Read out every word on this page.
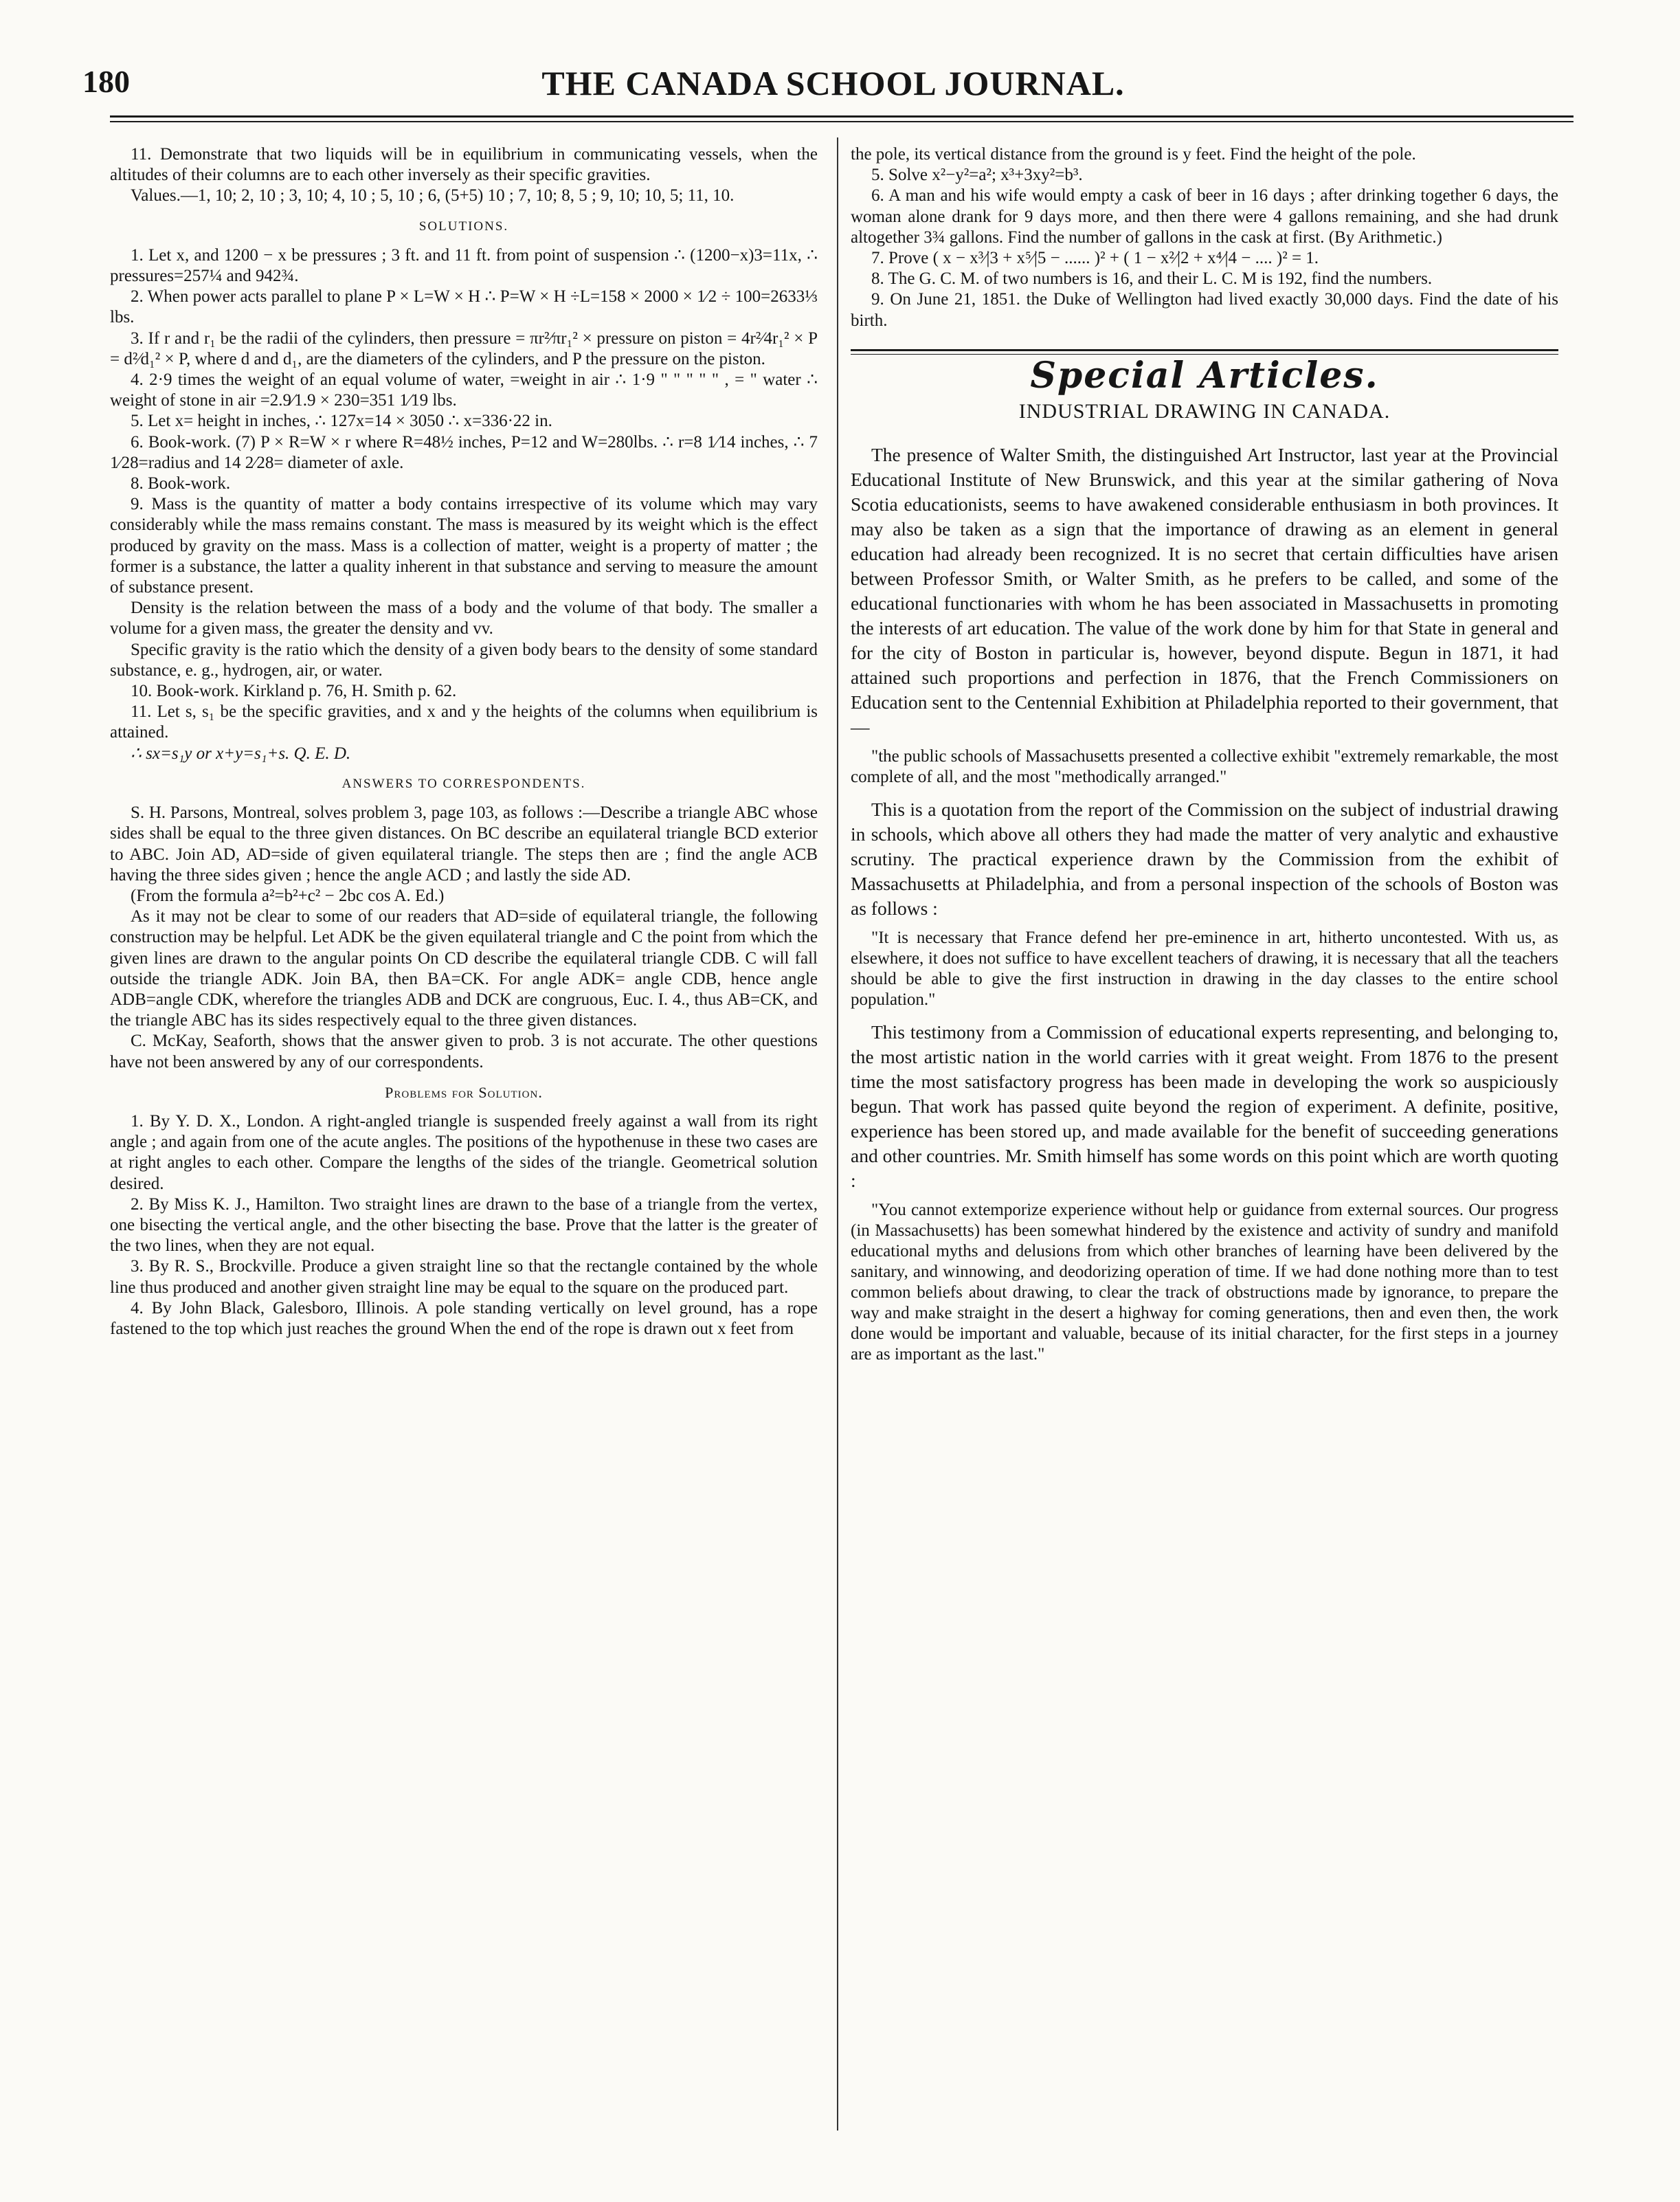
180	THE CANADA SCHOOL JOURNAL.

11. Demonstrate that two liquids will be in equilibrium in communicating vessels, when the altitudes of their columns are to each other inversely as their specific gravities.

Values.—1, 10; 2, 10 ; 3, 10; 4, 10 ; 5, 10 ; 6, (5+5) 10 ; 7, 10; 8, 5 ; 9, 10; 10, 5; 11, 10.

SOLUTIONS.

1. Let x, and 1200 − x be pressures ; 3 ft. and 11 ft. from point of suspension ∴ (1200−x)3=11x, ∴ pressures=257¼ and 942¾.

2. When power acts parallel to plane P × L=W × H ∴ P=W × H ÷L=158 × 2000 × 1⁄2 ÷ 100=2633⅓ lbs.

3. If r and r₁ be the radii of the cylinders, then pressure = πr²⁄πr₁² × pressure on piston = 4r²⁄4r₁² × P = d²⁄d₁² × P, where d and d₁, are the diameters of the cylinders, and P the pressure on the piston.

4. 2·9 times the weight of an equal volume of water, =weight in air ∴ 1·9 " " " " " , = " water ∴ weight of stone in air =2.9⁄1.9 × 230=351 1⁄19 lbs.

5. Let x= height in inches, ∴ 127x=14 × 3050 ∴ x=336·22 in.

6. Book-work. (7) P × R=W × r where R=48½ inches, P=12 and W=280lbs. ∴ r=8 1⁄14 inches, ∴ 7 1⁄28=radius and 14 2⁄28= diameter of axle.

8. Book-work.

9. Mass is the quantity of matter a body contains irrespective of its volume which may vary considerably while the mass remains constant. The mass is measured by its weight which is the effect produced by gravity on the mass. Mass is a collection of matter, weight is a property of matter ; the former is a substance, the latter a quality inherent in that substance and serving to measure the amount of substance present.

Density is the relation between the mass of a body and the volume of that body. The smaller a volume for a given mass, the greater the density and vv.

Specific gravity is the ratio which the density of a given body bears to the density of some standard substance, e. g., hydrogen, air, or water.

10. Book-work. Kirkland p. 76, H. Smith p. 62.

11. Let s, s₁ be the specific gravities, and x and y the heights of the columns when equilibrium is attained.

∴ sx=s₁y or x+y=s₁+s. Q. E. D.

ANSWERS TO CORRESPONDENTS.

S. H. Parsons, Montreal, solves problem 3, page 103, as follows :—Describe a triangle ABC whose sides shall be equal to the three given distances. On BC describe an equilateral triangle BCD exterior to ABC. Join AD, AD=side of given equilateral triangle. The steps then are ; find the angle ACB having the three sides given ; hence the angle ACD ; and lastly the side AD.

(From the formula a²=b²+c² − 2bc cos A. Ed.)

As it may not be clear to some of our readers that AD=side of equilateral triangle, the following construction may be helpful. Let ADK be the given equilateral triangle and C the point from which the given lines are drawn to the angular points On CD describe the equilateral triangle CDB. C will fall outside the triangle ADK. Join BA, then BA=CK. For angle ADK= angle CDB, hence angle ADB=angle CDK, wherefore the triangles ADB and DCK are congruous, Euc. I. 4., thus AB=CK, and the triangle ABC has its sides respectively equal to the three given distances.

C. McKay, Seaforth, shows that the answer given to prob. 3 is not accurate. The other questions have not been answered by any of our correspondents.

Problems for Solution.

1. By Y. D. X., London. A right-angled triangle is suspended freely against a wall from its right angle ; and again from one of the acute angles. The positions of the hypothenuse in these two cases are at right angles to each other. Compare the lengths of the sides of the triangle. Geometrical solution desired.

2. By Miss K. J., Hamilton. Two straight lines are drawn to the base of a triangle from the vertex, one bisecting the vertical angle, and the other bisecting the base. Prove that the latter is the greater of the two lines, when they are not equal.

3. By R. S., Brockville. Produce a given straight line so that the rectangle contained by the whole line thus produced and another given straight line may be equal to the square on the produced part.

4. By John Black, Galesboro, Illinois. A pole standing vertically on level ground, has a rope fastened to the top which just reaches the ground When the end of the rope is drawn out x feet from

the pole, its vertical distance from the ground is y feet. Find the height of the pole.

5. Solve x²−y²=a²; x³+3xy²=b³.

6. A man and his wife would empty a cask of beer in 16 days ; after drinking together 6 days, the woman alone drank for 9 days more, and then there were 4 gallons remaining, and she had drunk altogether 3¾ gallons. Find the number of gallons in the cask at first. (By Arithmetic.)

7. Prove ( x − x³⁄|3 + x⁵⁄|5 − ...... )² + ( 1 − x²⁄|2 + x⁴⁄|4 − .... )² = 1.

8. The G. C. M. of two numbers is 16, and their L. C. M is 192, find the numbers.

9. On June 21, 1851. the Duke of Wellington had lived exactly 30,000 days. Find the date of his birth.

Special Articles.
INDUSTRIAL DRAWING IN CANADA.

The presence of Walter Smith, the distinguished Art Instructor, last year at the Provincial Educational Institute of New Brunswick, and this year at the similar gathering of Nova Scotia educationists, seems to have awakened considerable enthusiasm in both provinces. It may also be taken as a sign that the importance of drawing as an element in general education had already been recognized. It is no secret that certain difficulties have arisen between Professor Smith, or Walter Smith, as he prefers to be called, and some of the educational functionaries with whom he has been associated in Massachusetts in promoting the interests of art education. The value of the work done by him for that State in general and for the city of Boston in particular is, however, beyond dispute. Begun in 1871, it had attained such proportions and perfection in 1876, that the French Commissioners on Education sent to the Centennial Exhibition at Philadelphia reported to their government, that—

"the public schools of Massachusetts presented a collective exhibit "extremely remarkable, the most complete of all, and the most "methodically arranged."

This is a quotation from the report of the Commission on the subject of industrial drawing in schools, which above all others they had made the matter of very analytic and exhaustive scrutiny. The practical experience drawn by the Commission from the exhibit of Massachusetts at Philadelphia, and from a personal inspection of the schools of Boston was as follows :

"It is necessary that France defend her pre-eminence in art, hitherto uncontested. With us, as elsewhere, it does not suffice to have excellent teachers of drawing, it is necessary that all the teachers should be able to give the first instruction in drawing in the day classes to the entire school population."

This testimony from a Commission of educational experts representing, and belonging to, the most artistic nation in the world carries with it great weight. From 1876 to the present time the most satisfactory progress has been made in developing the work so auspiciously begun. That work has passed quite beyond the region of experiment. A definite, positive, experience has been stored up, and made available for the benefit of succeeding generations and other countries. Mr. Smith himself has some words on this point which are worth quoting :

"You cannot extemporize experience without help or guidance from external sources. Our progress (in Massachusetts) has been somewhat hindered by the existence and activity of sundry and manifold educational myths and delusions from which other branches of learning have been delivered by the sanitary, and winnowing, and deodorizing operation of time. If we had done nothing more than to test common beliefs about drawing, to clear the track of obstructions made by ignorance, to prepare the way and make straight in the desert a highway for coming generations, then and even then, the work done would be important and valuable, because of its initial character, for the first steps in a journey are as important as the last."
